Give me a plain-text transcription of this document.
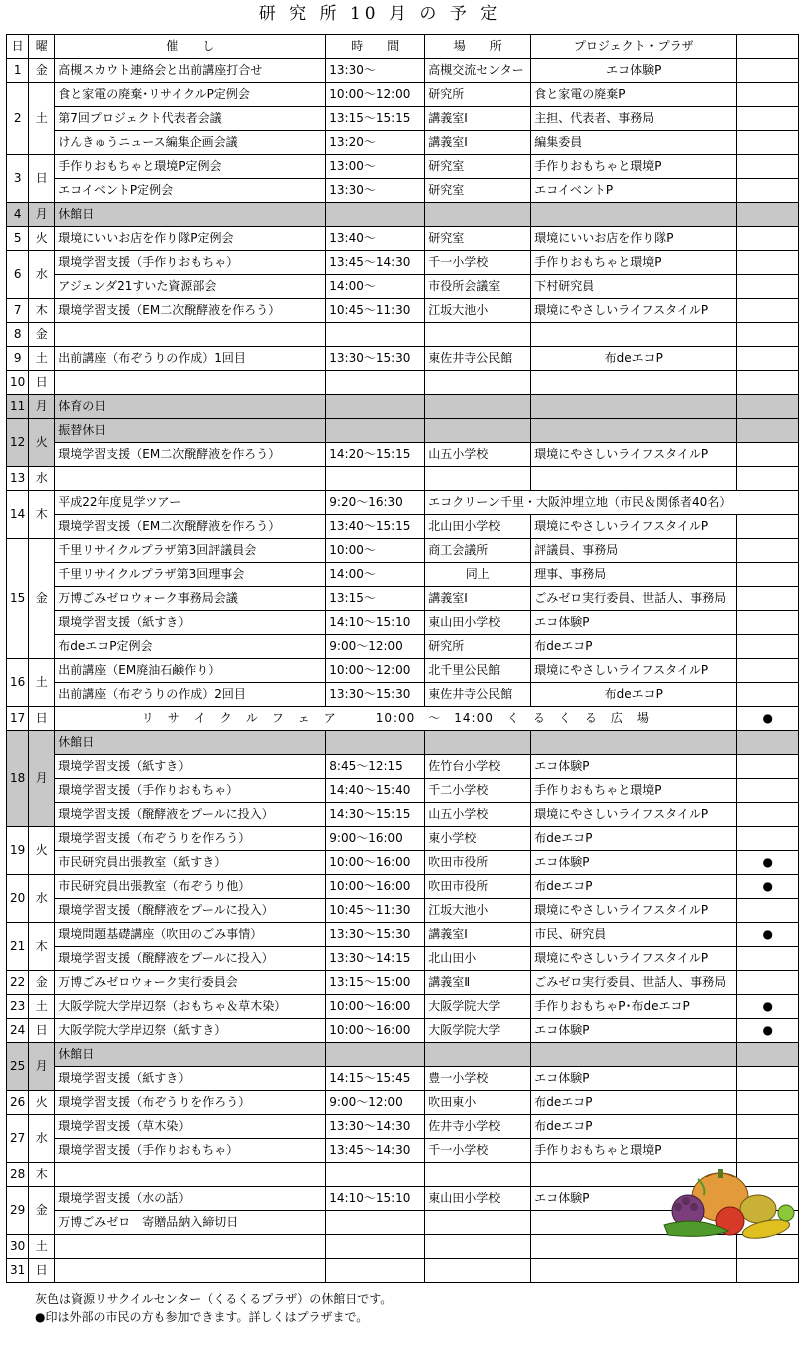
研 究 所 10 月 の 予 定
日	曜	催　　し	時　　間	場　　所	プロジェクト・プラザ	
1	金	高槻スカウト連絡会と出前講座打合せ	13:30～	高槻交流センター	エコ体験P	
2	土	食と家電の廃棄･リサイクルP定例会	10:00～12:00	研究所	食と家電の廃棄P	
		第7回プロジェクト代表者会議	13:15～15:15	講義室Ⅰ	主担、代表者、事務局	
		けんきゅうニュース編集企画会議	13:20～	講義室Ⅰ	編集委員	
3	日	手作りおもちゃと環境P定例会	13:00～	研究室	手作りおもちゃと環境P	
		エコイベントP定例会	13:30～	研究室	エコイベントP	
4	月	休館日				
5	火	環境にいいお店を作り隊P定例会	13:40～	研究室	環境にいいお店を作り隊P	
6	水	環境学習支援（手作りおもちゃ）	13:45～14:30	千一小学校	手作りおもちゃと環境P	
		アジェンダ21すいた資源部会	14:00～	市役所会議室	下村研究員	
7	木	環境学習支援（EM二次醗酵液を作ろう）	10:45～11:30	江坂大池小	環境にやさしいライフスタイルP	
8	金					
9	土	出前講座（布ぞうりの作成）1回目	13:30～15:30	東佐井寺公民館	布deエコP	
10	日					
11	月	体育の日				
12	火	振替休日				
		環境学習支援（EM二次醗酵液を作ろう）	14:20～15:15	山五小学校	環境にやさしいライフスタイルP	
13	水					
14	木	平成22年度見学ツアー	9:20～16:30	エコクリーン千里・大阪沖埋立地（市民＆関係者40名）		
		環境学習支援（EM二次醗酵液を作ろう）	13:40～15:15	北山田小学校	環境にやさしいライフスタイルP	
15	金	千里リサイクルプラザ第3回評議員会	10:00～	商工会議所	評議員、事務局	
		千里リサイクルプラザ第3回理事会	14:00～	同上	理事、事務局	
		万博ごみゼロウォーク事務局会議	13:15～	講義室Ⅰ	ごみゼロ実行委員、世話人、事務局	
		環境学習支援（紙すき）	14:10～15:10	東山田小学校	エコ体験P	
		布deエコP定例会	9:00～12:00	研究所	布deエコP	
16	土	出前講座（EM廃油石鹸作り）	10:00～12:00	北千里公民館	環境にやさしいライフスタイルP	
		出前講座（布ぞうりの作成）2回目	13:30～15:30	東佐井寺公民館	布deエコP	
17	日	リ　サ　イ　ク　ル　フ　ェ　ア　　　10:00　～　14:00　く　る　く　る　広　場				●
18	月	休館日				
		環境学習支援（紙すき）	8:45～12:15	佐竹台小学校	エコ体験P	
		環境学習支援（手作りおもちゃ）	14:40～15:40	千二小学校	手作りおもちゃと環境P	
		環境学習支援（醗酵液をプールに投入）	14:30～15:15	山五小学校	環境にやさしいライフスタイルP	
19	火	環境学習支援（布ぞうりを作ろう）	9:00～16:00	東小学校	布deエコP	
		市民研究員出張教室（紙すき）	10:00～16:00	吹田市役所	エコ体験P	●
20	水	市民研究員出張教室（布ぞうり他）	10:00～16:00	吹田市役所	布deエコP	●
		環境学習支援（醗酵液をプールに投入）	10:45～11:30	江坂大池小	環境にやさしいライフスタイルP	
21	木	環境問題基礎講座（吹田のごみ事情）	13:30～15:30	講義室Ⅰ	市民、研究員	●
		環境学習支援（醗酵液をプールに投入）	13:30～14:15	北山田小	環境にやさしいライフスタイルP	
22	金	万博ごみゼロウォーク実行委員会	13:15～15:00	講義室Ⅱ	ごみゼロ実行委員、世話人、事務局	
23	土	大阪学院大学岸辺祭（おもちゃ＆草木染）	10:00～16:00	大阪学院大学	手作りおもちゃP･布deエコP	●
24	日	大阪学院大学岸辺祭（紙すき）	10:00～16:00	大阪学院大学	エコ体験P	●
25	月	休館日				
		環境学習支援（紙すき）	14:15～15:45	豊一小学校	エコ体験P	
26	火	環境学習支援（布ぞうりを作ろう）	9:00～12:00	吹田東小	布deエコP	
27	水	環境学習支援（草木染）	13:30～14:30	佐井寺小学校	布deエコP	
		環境学習支援（手作りおもちゃ）	13:45～14:30	千一小学校	手作りおもちゃと環境P	
28	木					
29	金	環境学習支援（水の話）	14:10～15:10	東山田小学校	エコ体験P	
		万博ごみゼロ　寄贈品納入締切日				
30	土					
31	日					
灰色は資源リサクイルセンター（くるくるプラザ）の休館日です。
●印は外部の市民の方も参加できます。詳しくはプラザまで。
